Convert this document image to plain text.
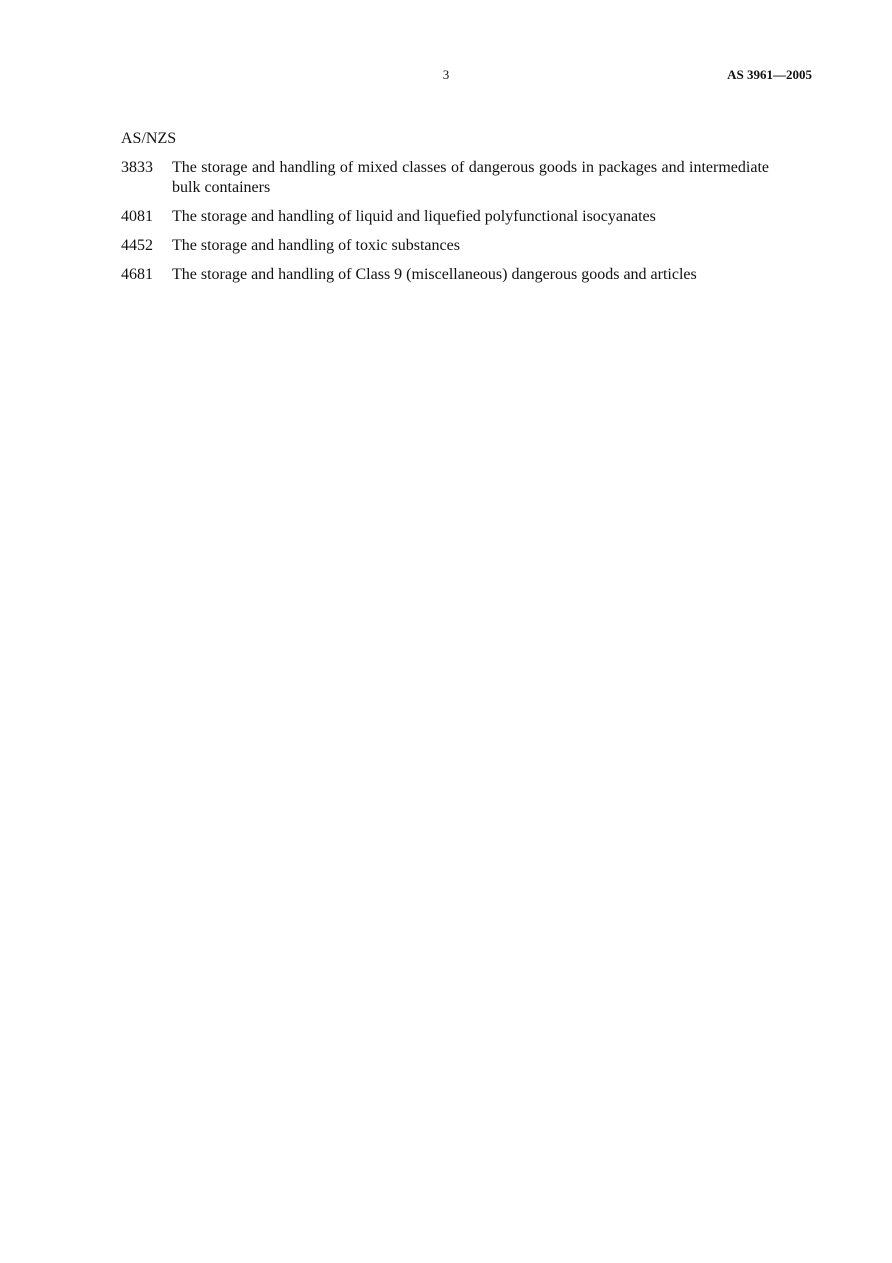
3	AS 3961—2005
AS/NZS
3833	The storage and handling of mixed classes of dangerous goods in packages and intermediate bulk containers
4081	The storage and handling of liquid and liquefied polyfunctional isocyanates
4452	The storage and handling of toxic substances
4681	The storage and handling of Class 9 (miscellaneous) dangerous goods and articles
